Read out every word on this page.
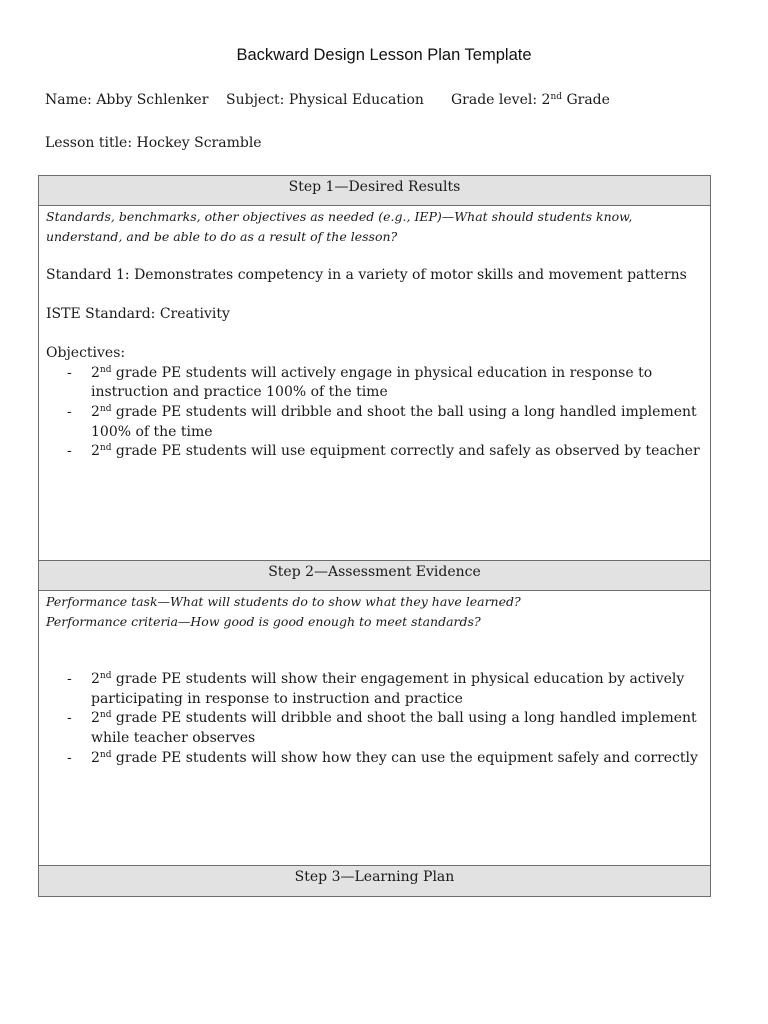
Backward Design Lesson Plan Template
Name: Abby Schlenker Subject: Physical Education Grade level: 2nd Grade
Lesson title: Hockey Scramble
Step 1—Desired Results

Standards, benchmarks, other objectives as needed (e.g., IEP)—What should students know, understand, and be able to do as a result of the lesson?

Standard 1: Demonstrates competency in a variety of motor skills and movement patterns

ISTE Standard: Creativity

Objectives:

- 2nd grade PE students will actively engage in physical education in response to instruction and practice 100% of the time
- 2nd grade PE students will dribble and shoot the ball using a long handled implement 100% of the time
- 2nd grade PE students will use equipment correctly and safely as observed by teacher
Step 2—Assessment Evidence

Performance task—What will students do to show what they have learned?

Performance criteria—How good is good enough to meet standards?

- 2nd grade PE students will show their engagement in physical education by actively participating in response to instruction and practice
- 2nd grade PE students will dribble and shoot the ball using a long handled implement while teacher observes
- 2nd grade PE students will show how they can use the equipment safely and correctly
Step 3—Learning Plan
